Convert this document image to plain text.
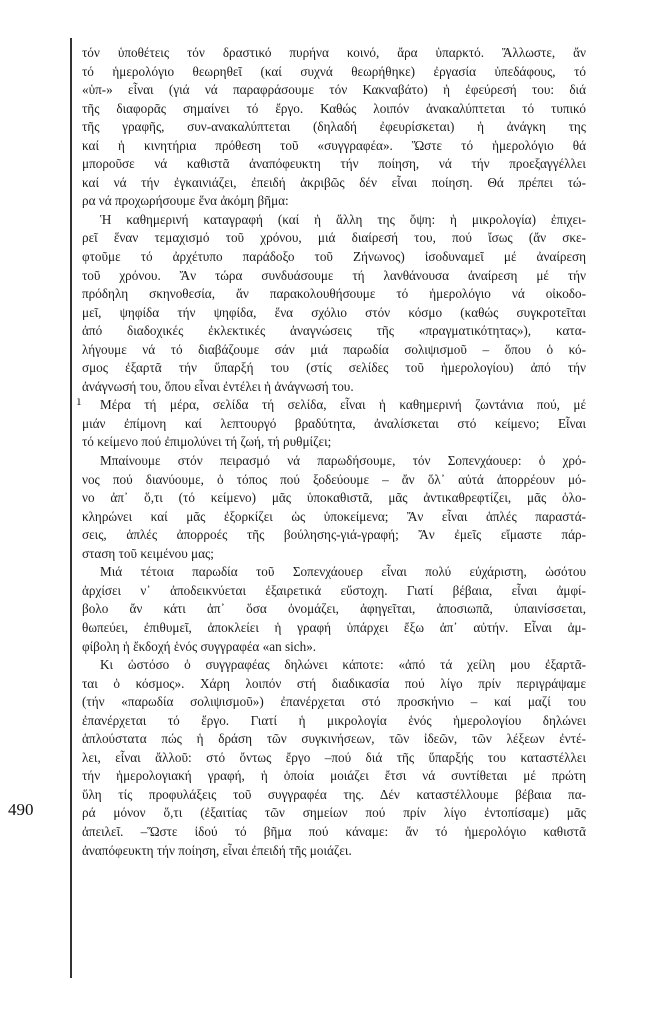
ı
490
τόν ὑποθέτεις τόν δραστικό πυρήνα κοινό, ἄρα ὑπαρκτό. Ἄλλωστε, ἄν
τό ἡμερολόγιο θεωρηθεῖ (καί συχνά θεωρήθηκε) ἐργασία ὑπεδάφους, τό
«ὑπ-» εἶναι (γιά νά παραφράσουμε τόν Κακναβάτο) ἡ ἐφεύρεσή του: διά
τῆς διαφορᾶς σημαίνει τό ἔργο. Καθώς λοιπόν ἀνακαλύπτεται τό τυπικό
τῆς γραφῆς, συν-ανακαλύπτεται (δηλαδή ἐφευρίσκεται) ἡ ἀνάγκη της
καί ἡ κινητήρια πρόθεση τοῦ «συγγραφέα». Ὥστε τό ἡμερολόγιο θά
μποροῦσε νά καθιστᾶ ἀναπόφευκτη τήν ποίηση, νά τήν προεξαγγέλλει
καί νά τήν ἐγκαινιάζει, ἐπειδή ἀκριβῶς δέν εἶναι ποίηση. Θά πρέπει τώ-
ρα νά προχωρήσουμε ἕνα ἀκόμη βῆμα:
Ἡ καθημερινή καταγραφή (καί ἡ ἄλλη της ὄψη: ἡ μικρολογία) ἐπιχει-
ρεῖ ἕναν τεμαχισμό τοῦ χρόνου, μιά διαίρεσή του, πού ἴσως (ἄν σκε-
φτοῦμε τό ἀρχέτυπο παράδοξο τοῦ Ζήνωνος) ἰσοδυναμεῖ μέ ἀναίρεση
τοῦ χρόνου. Ἄν τώρα συνδυάσουμε τή λανθάνουσα ἀναίρεση μέ τήν
πρόδηλη σκηνοθεσία, ἄν παρακολουθήσουμε τό ἡμερολόγιο νά οἰκοδο-
μεῖ, ψηφίδα τήν ψηφίδα, ἕνα σχόλιο στόν κόσμο (καθώς συγκροτεῖται
ἀπό διαδοχικές ἐκλεκτικές ἀναγνώσεις τῆς «πραγματικότητας»), κατα-
λήγουμε νά τό διαβάζουμε σάν μιά παρωδία σολιψισμοῦ – ὅπου ὁ κό-
σμος ἐξαρτᾶ τήν ὕπαρξή του (στίς σελίδες τοῦ ἡμερολογίου) ἀπό τήν
ἀνάγνωσή του, ὅπου εἶναι ἐντέλει ἡ ἀνάγνωσή του.
Μέρα τή μέρα, σελίδα τή σελίδα, εἶναι ἡ καθημερινή ζωντάνια πού, μέ
μιάν ἐπίμονη καί λεπτουργό βραδύτητα, ἀναλίσκεται στό κείμενο; Εἶναι
τό κείμενο πού ἐπιμολύνει τή ζωή, τή ρυθμίζει;
Μπαίνουμε στόν πειρασμό νά παρωδήσουμε, τόν Σοπενχάουερ: ὁ χρό-
νος πού διανύουμε, ὁ τόπος πού ξοδεύουμε – ἄν ὅλ᾽ αὐτά ἀπορρέουν μό-
νο ἀπ᾽ ὅ,τι (τό κείμενο) μᾶς ὑποκαθιστᾶ, μᾶς ἀντικαθρεφτίζει, μᾶς ὁλο-
κληρώνει καί μᾶς ἐξορκίζει ὡς ὑποκείμενα; Ἄν εἶναι ἁπλές παραστά-
σεις, ἁπλές ἀπορροές τῆς βούλησης-γιά-γραφή; Ἄν ἐμεῖς εἴμαστε πάρ-
σταση τοῦ κειμένου μας;
Μιά τέτοια παρωδία τοῦ Σοπενχάουερ εἶναι πολύ εὐχάριστη, ὡσότου
ἀρχίσει ν᾽ ἀποδεικνύεται ἐξαιρετικά εὔστοχη. Γιατί βέβαια, εἶναι ἀμφί-
βολο ἄν κάτι ἀπ᾽ ὅσα ὀνομάζει, ἀφηγεῖται, ἀποσιωπᾶ, ὑπαινίσσεται,
θωπεύει, ἐπιθυμεῖ, ἀποκλείει ἡ γραφή ὑπάρχει ἔξω ἀπ᾽ αὐτήν. Εἶναι ἀμ-
φίβολη ἡ ἔκδοχή ἑνός συγγραφέα «an sich».
Κι ὡστόσο ὁ συγγραφέας δηλώνει κάποτε: «ἀπό τά χείλη μου ἐξαρτᾶ-
ται ὁ κόσμος». Χάρη λοιπόν στή διαδικασία πού λίγο πρίν περιγράψαμε
(τήν «παρωδία σολιψισμοῦ») ἐπανέρχεται στό προσκήνιο – καί μαζί του
ἐπανέρχεται τό ἔργο. Γιατί ἡ μικρολογία ἑνός ἡμερολογίου δηλώνει
ἁπλούστατα πώς ἡ δράση τῶν συγκινήσεων, τῶν ἰδεῶν, τῶν λέξεων ἐντέ-
λει, εἶναι ἄλλοῦ: στό ὄντως ἔργο –πού διά τῆς ὕπαρξής του καταστέλλει
τήν ἡμερολογιακή γραφή, ἡ ὁποία μοιάζει ἔτσι νά συντίθεται μέ πρώτη
ὕλη τίς προφυλάξεις τοῦ συγγραφέα της. Δέν καταστέλλουμε βέβαια πα-
ρά μόνον ὅ,τι (ἐξαιτίας τῶν σημείων πού πρίν λίγο ἐντοπίσαμε) μᾶς
ἀπειλεῖ. –Ὥστε ἰδού τό βῆμα πού κάναμε: ἄν τό ἡμερολόγιο καθιστᾶ
ἀναπόφευκτη τήν ποίηση, εἶναι ἐπειδή τῆς μοιάζει.
